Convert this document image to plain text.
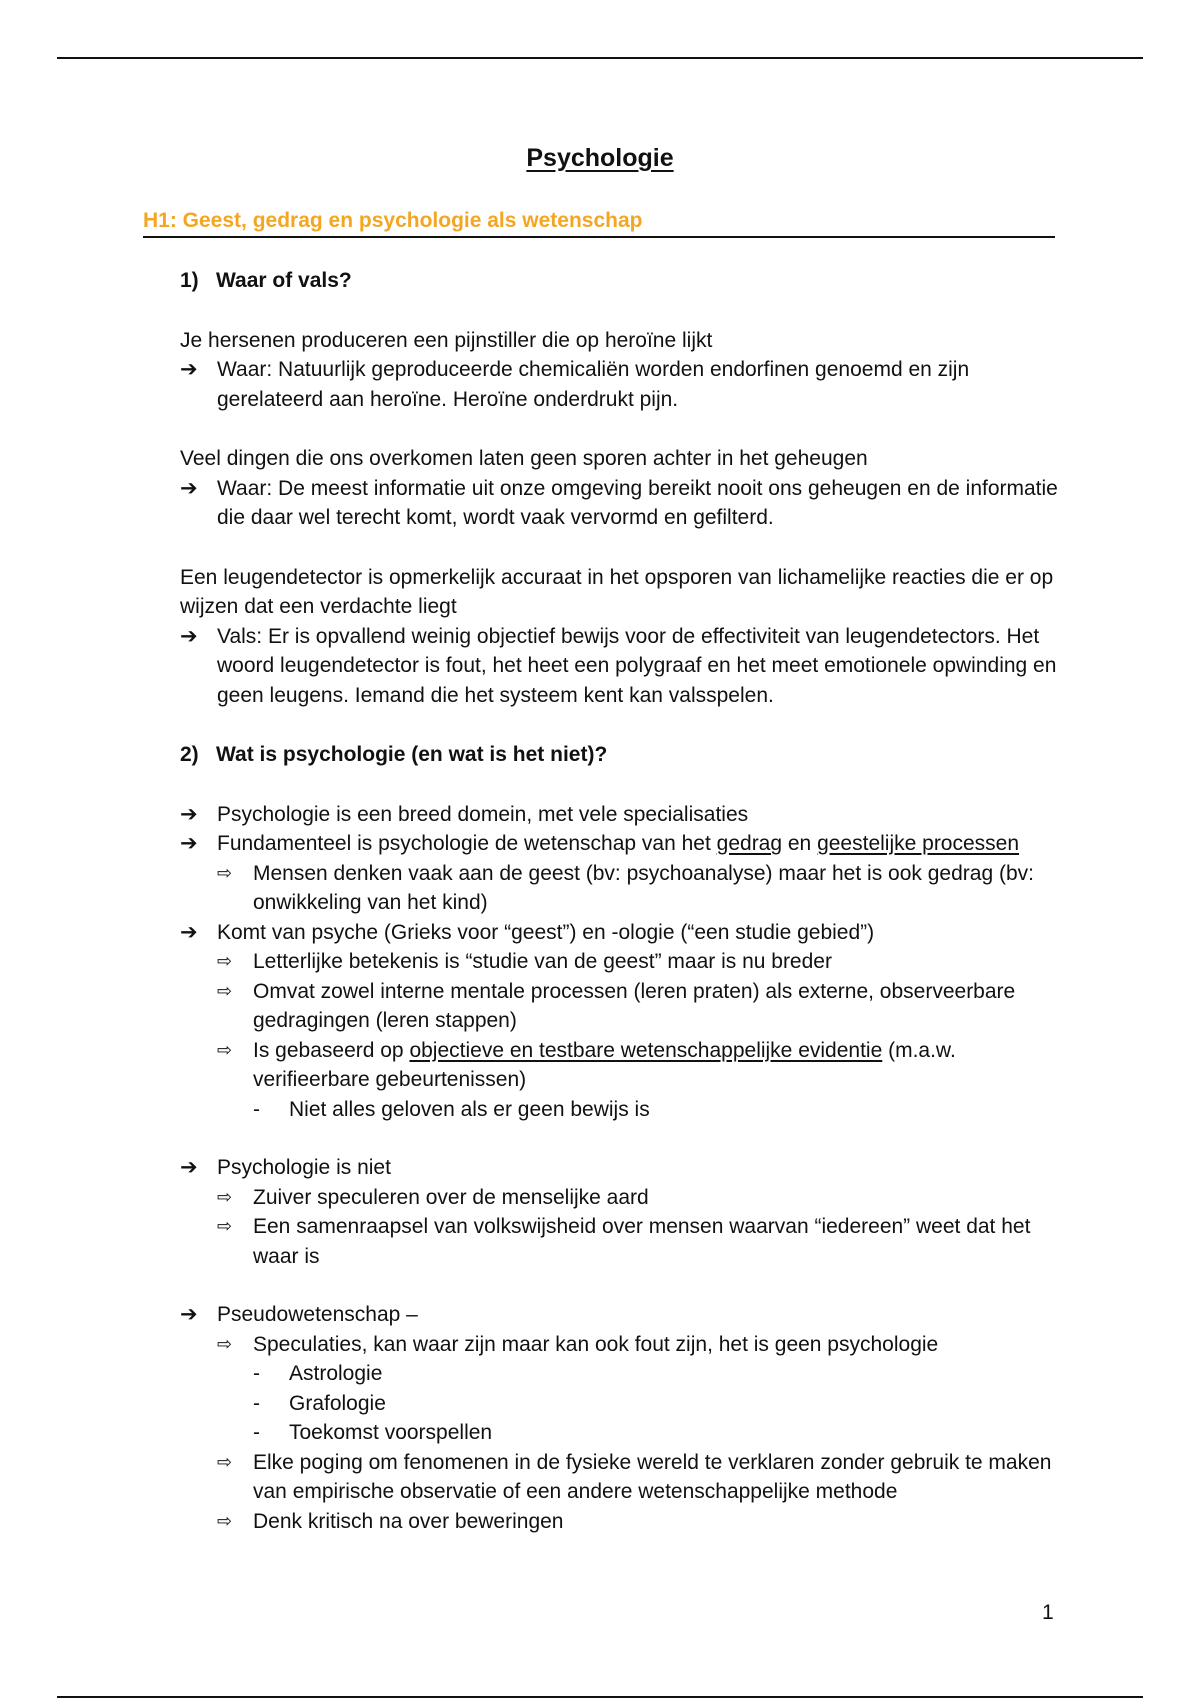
Psychologie
H1: Geest, gedrag en psychologie als wetenschap
1) Waar of vals?
Je hersenen produceren een pijnstiller die op heroïne lijkt
➔ Waar: Natuurlijk geproduceerde chemicaliën worden endorfinen genoemd en zijn gerelateerd aan heroïne. Heroïne onderdrukt pijn.
Veel dingen die ons overkomen laten geen sporen achter in het geheugen
➔ Waar: De meest informatie uit onze omgeving bereikt nooit ons geheugen en de informatie die daar wel terecht komt, wordt vaak vervormd en gefilterd.
Een leugendetector is opmerkelijk accuraat in het opsporen van lichamelijke reacties die er op wijzen dat een verdachte liegt
➔ Vals: Er is opvallend weinig objectief bewijs voor de effectiviteit van leugendetectors. Het woord leugendetector is fout, het heet een polygraaf en het meet emotionele opwinding en geen leugens. Iemand die het systeem kent kan valsspelen.
2) Wat is psychologie (en wat is het niet)?
➔ Psychologie is een breed domein, met vele specialisaties
➔ Fundamenteel is psychologie de wetenschap van het gedrag en geestelijke processen
⇨ Mensen denken vaak aan de geest (bv: psychoanalyse) maar het is ook gedrag (bv: onwikkeling van het kind)
➔ Komt van psyche (Grieks voor “geest”) en -ologie (“een studie gebied”)
⇨ Letterlijke betekenis is “studie van de geest” maar is nu breder
⇨ Omvat zowel interne mentale processen (leren praten) als externe, observeerbare gedragingen (leren stappen)
⇨ Is gebaseerd op objectieve en testbare wetenschappelijke evidentie (m.a.w. verifieerbare gebeurtenissen)
-	Niet alles geloven als er geen bewijs is
➔ Psychologie is niet
⇨ Zuiver speculeren over de menselijke aard
⇨ Een samenraapsel van volkswijsheid over mensen waarvan “iedereen” weet dat het waar is
➔ Pseudowetenschap –
⇨ Speculaties, kan waar zijn maar kan ook fout zijn, het is geen psychologie
-	Astrologie
-	Grafologie
-	Toekomst voorspellen
⇨ Elke poging om fenomenen in de fysieke wereld te verklaren zonder gebruik te maken van empirische observatie of een andere wetenschappelijke methode
⇨ Denk kritisch na over beweringen
1
